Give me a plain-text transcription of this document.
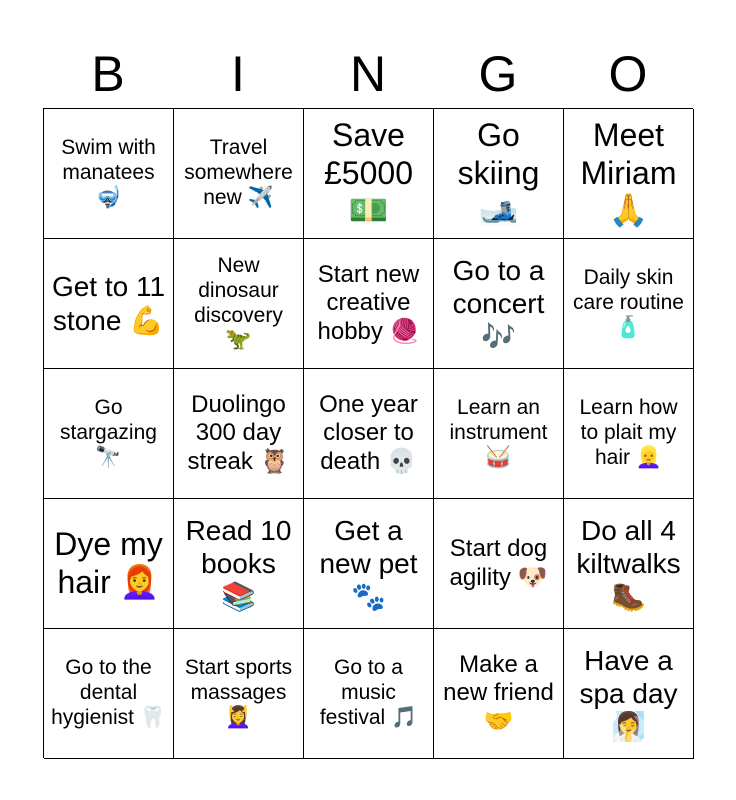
B	I	N	G	O
Swim with manatees 🤿
Travel somewhere new ✈️
Save £5000 💵
Go skiing 🎿
Meet Miriam 🙏
Get to 11 stone 💪
New dinosaur discovery 🦖
Start new creative hobby 🧶
Go to a concert 🎶
Daily skin care routine 🧴
Go stargazing 🔭
Duolingo 300 day streak 🦉
One year closer to death 💀
Learn an instrument 🥁
Learn how to plait my hair 👱‍♀️
Dye my hair 👩‍🦰
Read 10 books 📚
Get a new pet 🐾
Start dog agility 🐶
Do all 4 kiltwalks 🥾
Go to the dental hygienist 🦷
Start sports massages 💆‍♀️
Go to a music festival 🎵
Make a new friend 🤝
Have a spa day 🧖‍♀️
